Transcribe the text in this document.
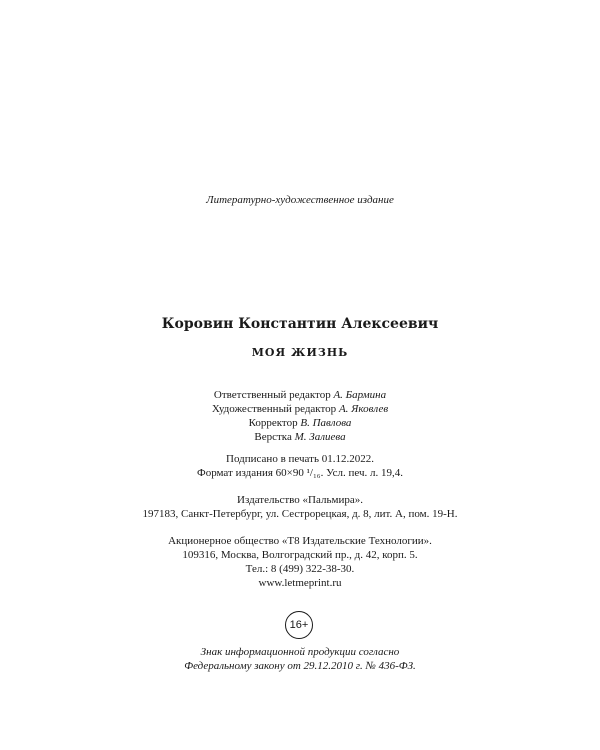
Литературно-художественное издание
Коровин Константин Алексеевич
МОЯ ЖИЗНЬ
Ответственный редактор А. Бармина
Художественный редактор А. Яковлев
Корректор В. Павлова
Верстка М. Залиева
Подписано в печать 01.12.2022.
Формат издания 60×90 ¹/₁₆. Усл. печ. л. 19,4.
Издательство «Пальмира».
197183, Санкт-Петербург, ул. Сестрорецкая, д. 8, лит. А, пом. 19-Н.
Акционерное общество «T8 Издательские Технологии».
109316, Москва, Волгоградский пр., д. 42, корп. 5.
Тел.: 8 (499) 322-38-30.
www.letmeprint.ru
16+
Знак информационной продукции согласно
Федеральному закону от 29.12.2010 г. № 436-ФЗ.
